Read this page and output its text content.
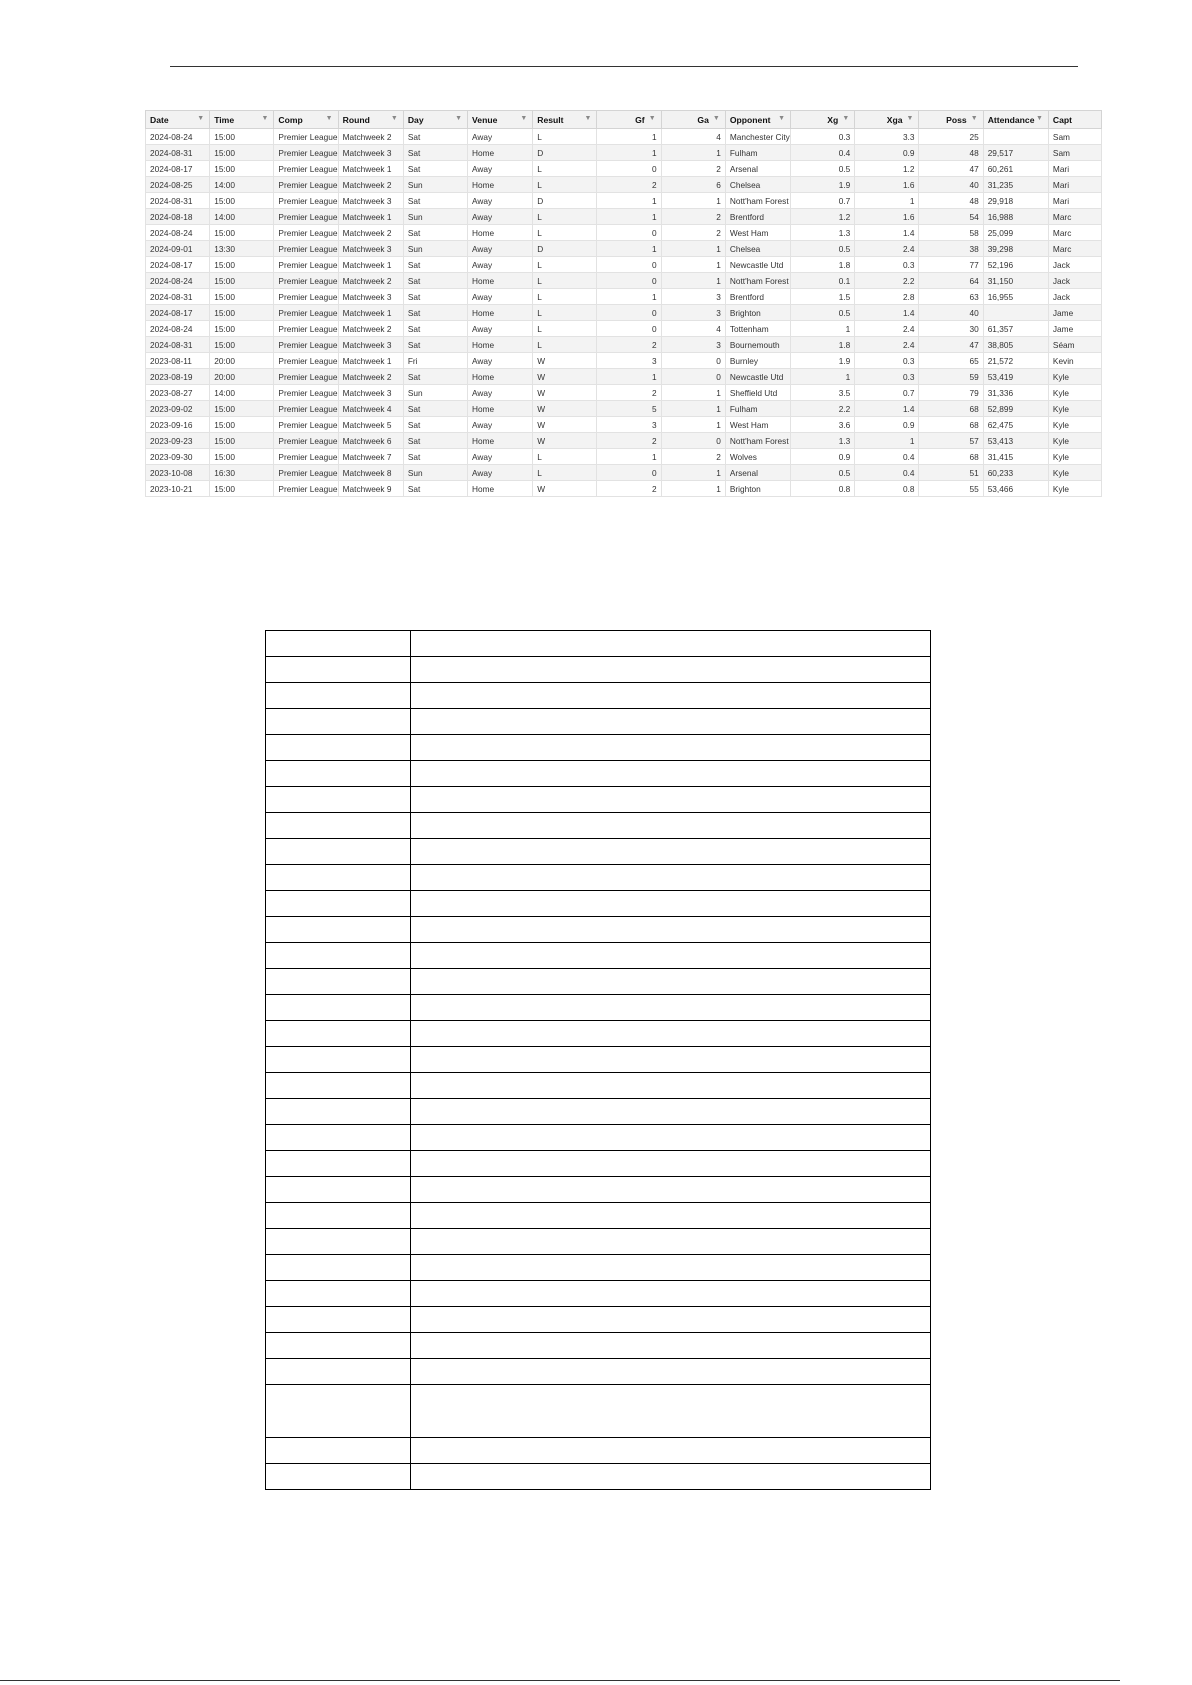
Date ▼	Time ▼	Comp ▼	Round ▼	Day ▼	Venue ▼	Result ▼	Gf ▼	Ga ▼	Opponent ▼	Xg ▼	Xga ▼	Poss ▼	Attendance ▼	Capt
2024-08-24	15:00	Premier League	Matchweek 2	Sat	Away	L	1	4	Manchester City	0.3	3.3	25		Sam
2024-08-31	15:00	Premier League	Matchweek 3	Sat	Home	D	1	1	Fulham	0.4	0.9	48	29,517	Sam
2024-08-17	15:00	Premier League	Matchweek 1	Sat	Away	L	0	2	Arsenal	0.5	1.2	47	60,261	Mari
2024-08-25	14:00	Premier League	Matchweek 2	Sun	Home	L	2	6	Chelsea	1.9	1.6	40	31,235	Mari
2024-08-31	15:00	Premier League	Matchweek 3	Sat	Away	D	1	1	Nott'ham Forest	0.7	1	48	29,918	Mari
2024-08-18	14:00	Premier League	Matchweek 1	Sun	Away	L	1	2	Brentford	1.2	1.6	54	16,988	Marc
2024-08-24	15:00	Premier League	Matchweek 2	Sat	Home	L	0	2	West Ham	1.3	1.4	58	25,099	Marc
2024-09-01	13:30	Premier League	Matchweek 3	Sun	Away	D	1	1	Chelsea	0.5	2.4	38	39,298	Marc
2024-08-17	15:00	Premier League	Matchweek 1	Sat	Away	L	0	1	Newcastle Utd	1.8	0.3	77	52,196	Jack
2024-08-24	15:00	Premier League	Matchweek 2	Sat	Home	L	0	1	Nott'ham Forest	0.1	2.2	64	31,150	Jack
2024-08-31	15:00	Premier League	Matchweek 3	Sat	Away	L	1	3	Brentford	1.5	2.8	63	16,955	Jack
2024-08-17	15:00	Premier League	Matchweek 1	Sat	Home	L	0	3	Brighton	0.5	1.4	40		Jame
2024-08-24	15:00	Premier League	Matchweek 2	Sat	Away	L	0	4	Tottenham	1	2.4	30	61,357	Jame
2024-08-31	15:00	Premier League	Matchweek 3	Sat	Home	L	2	3	Bournemouth	1.8	2.4	47	38,805	Séam
2023-08-11	20:00	Premier League	Matchweek 1	Fri	Away	W	3	0	Burnley	1.9	0.3	65	21,572	Kevin
2023-08-19	20:00	Premier League	Matchweek 2	Sat	Home	W	1	0	Newcastle Utd	1	0.3	59	53,419	Kyle
2023-08-27	14:00	Premier League	Matchweek 3	Sun	Away	W	2	1	Sheffield Utd	3.5	0.7	79	31,336	Kyle
2023-09-02	15:00	Premier League	Matchweek 4	Sat	Home	W	5	1	Fulham	2.2	1.4	68	52,899	Kyle
2023-09-16	15:00	Premier League	Matchweek 5	Sat	Away	W	3	1	West Ham	3.6	0.9	68	62,475	Kyle
2023-09-23	15:00	Premier League	Matchweek 6	Sat	Home	W	2	0	Nott'ham Forest	1.3	1	57	53,413	Kyle
2023-09-30	15:00	Premier League	Matchweek 7	Sat	Away	L	1	2	Wolves	0.9	0.4	68	31,415	Kyle
2023-10-08	16:30	Premier League	Matchweek 8	Sun	Away	L	0	1	Arsenal	0.5	0.4	51	60,233	Kyle
2023-10-21	15:00	Premier League	Matchweek 9	Sat	Home	W	2	1	Brighton	0.8	0.8	55	53,466	Kyle
